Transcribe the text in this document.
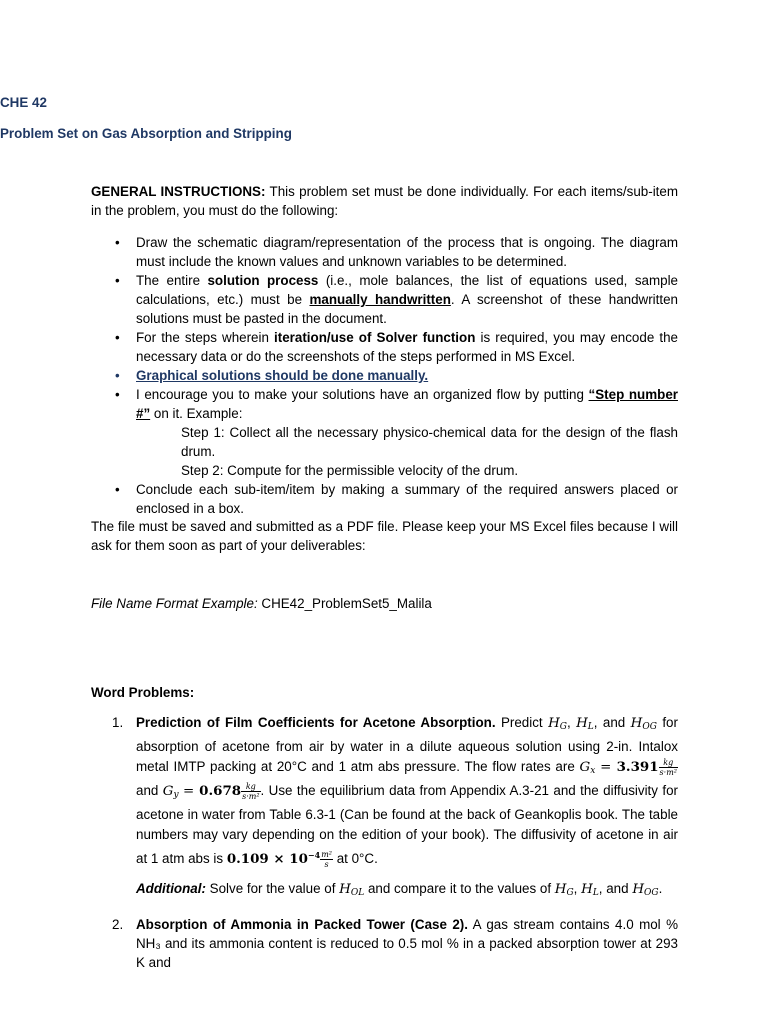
CHE 42
Problem Set on Gas Absorption and Stripping
GENERAL INSTRUCTIONS: This problem set must be done individually. For each items/sub-item in the problem, you must do the following:
• Draw the schematic diagram/representation of the process that is ongoing. The diagram must include the known values and unknown variables to be determined.
• The entire solution process (i.e., mole balances, the list of equations used, sample calculations, etc.) must be manually handwritten. A screenshot of these handwritten solutions must be pasted in the document.
• For the steps wherein iteration/use of Solver function is required, you may encode the necessary data or do the screenshots of the steps performed in MS Excel.
• Graphical solutions should be done manually.
• I encourage you to make your solutions have an organized flow by putting “Step number #” on it. Example:
Step 1: Collect all the necessary physico-chemical data for the design of the flash drum.
Step 2: Compute for the permissible velocity of the drum.
• Conclude each sub-item/item by making a summary of the required answers placed or enclosed in a box.
The file must be saved and submitted as a PDF file. Please keep your MS Excel files because I will ask for them soon as part of your deliverables:
File Name Format Example: CHE42_ProblemSet5_Malila
Word Problems:
1. Prediction of Film Coefficients for Acetone Absorption. Predict $H_G$, $H_L$, and $H_{OG}$ for absorption of acetone from air by water in a dilute aqueous solution using 2-in. Intalox metal IMTP packing at 20°C and 1 atm abs pressure. The flow rates are $G_x = 3.391 \frac{kg}{\text{s·m²}}$
and $G_y = 0.678 \frac{kg}{\text{s·m²}}$ . Use the equilibrium data from Appendix A.3-21 and the diffusivity for acetone in water from Table 6.3-1 (Can be found at the back of Geankoplis book. The table numbers may vary depending on the edition of your book). The diffusivity of acetone in air at 1 atm abs is $0.109 \times 10^{-4} \frac{\text{m²}}{s}$ at 0°C.
Additional: Solve for the value of $H_{OL}$ and compare it to the values of $H_G$, $H_L$, and $H_{OG}$.
2. Absorption of Ammonia in Packed Tower (Case 2). A gas stream contains 4.0 mol % NH₃ and its ammonia content is reduced to 0.5 mol % in a packed absorption tower at 293 K and
